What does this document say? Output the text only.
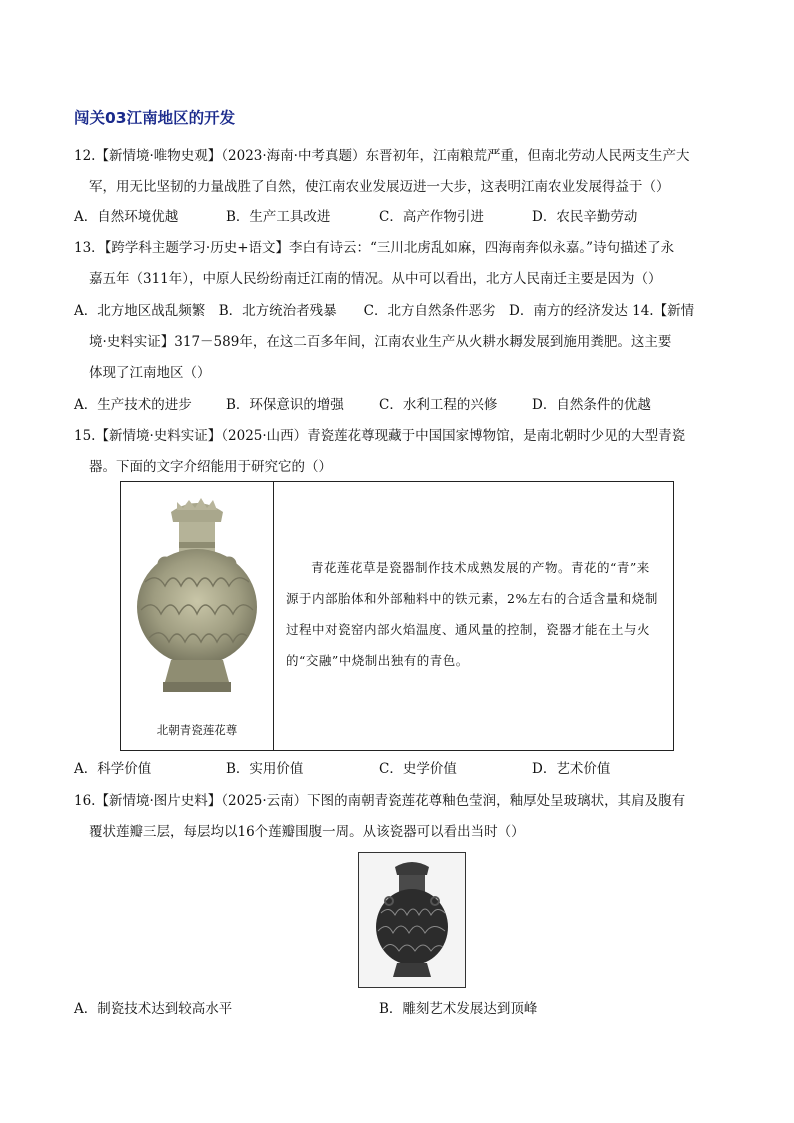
闯关03江南地区的开发
12.【新情境·唯物史观】（2023·海南·中考真题）东晋初年，江南粮荒严重，但南北劳动人民两支生产大
军，用无比坚韧的力量战胜了自然，使江南农业发展迈进一大步，这表明江南农业发展得益于（）
A．自然环境优越	B．生产工具改进	C．高产作物引进	D．农民辛勤劳动
13．【跨学科主题学习·历史+语文】李白有诗云：“三川北虏乱如麻，四海南奔似永嘉。”诗句描述了永
嘉五年（311年），中原人民纷纷南迁江南的情况。从中可以看出，北方人民南迁主要是因为（）
A．北方地区战乱频繁　B．北方统治者残暴　　C．北方自然条件恶劣　D．南方的经济发达 14.【新情
境·史料实证】317－589年，在这二百多年间，江南农业生产从火耕水耨发展到施用粪肥。这主要
体现了江南地区（）
A．生产技术的进步	B．环保意识的增强	C．水利工程的兴修	D．自然条件的优越
15.【新情境·史料实证】（2025·山西）青瓷莲花尊现藏于中国国家博物馆，是南北朝时少见的大型青瓷
器。下面的文字介绍能用于研究它的（）
北朝青瓷莲花尊

青花莲花草是瓷器制作技术成熟发展的产物。青花的“青”来源于内部胎体和外部釉料中的铁元素，2%左右的合适含量和烧制过程中对瓷窑内部火焰温度、通风量的控制，瓷器才能在土与火的“交融”中烧制出独有的青色。
A．科学价值	B．实用价值	C．史学价值	D．艺术价值
16.【新情境·图片史料】（2025·云南）下图的南朝青瓷莲花尊釉色莹润，釉厚处呈玻璃状，其肩及腹有
覆状莲瓣三层，每层均以16个莲瓣围腹一周。从该瓷器可以看出当时（）
A．制瓷技术达到较高水平	B．雕刻艺术发展达到顶峰
